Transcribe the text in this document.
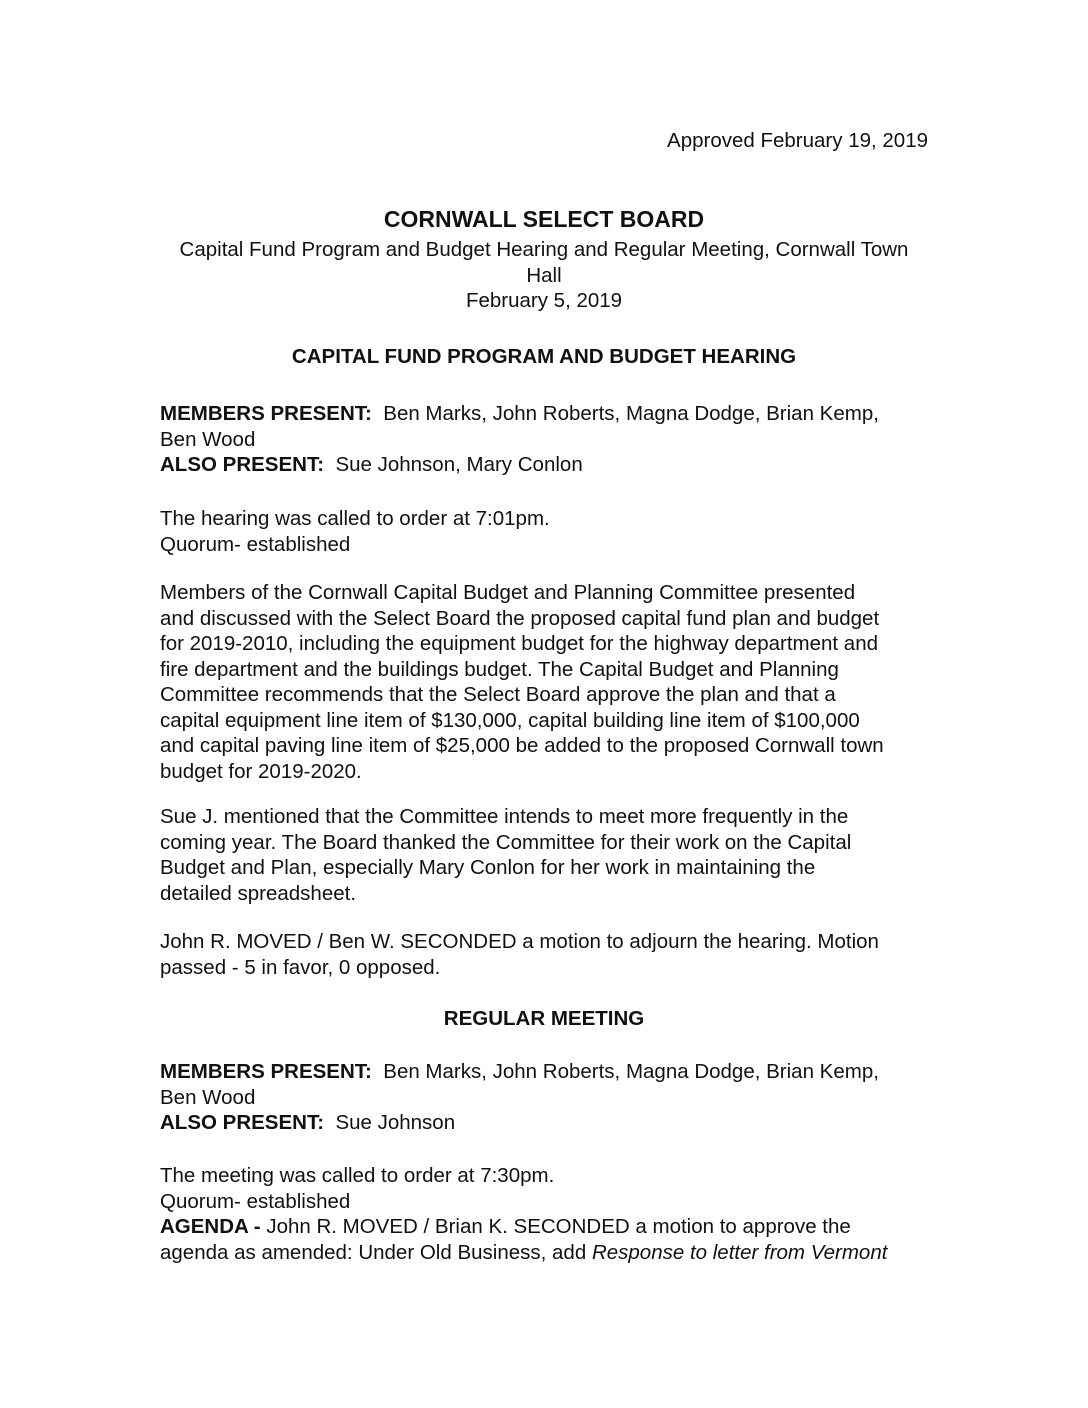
Approved February 19, 2019
CORNWALL SELECT BOARD
Capital Fund Program and Budget Hearing and Regular Meeting, Cornwall Town
Hall
February 5, 2019
CAPITAL FUND PROGRAM AND BUDGET HEARING
MEMBERS PRESENT: Ben Marks, John Roberts, Magna Dodge, Brian Kemp,
Ben Wood
ALSO PRESENT: Sue Johnson, Mary Conlon
The hearing was called to order at 7:01pm.
Quorum- established
Members of the Cornwall Capital Budget and Planning Committee presented
and discussed with the Select Board the proposed capital fund plan and budget
for 2019-2010, including the equipment budget for the highway department and
fire department and the buildings budget. The Capital Budget and Planning
Committee recommends that the Select Board approve the plan and that a
capital equipment line item of $130,000, capital building line item of $100,000
and capital paving line item of $25,000 be added to the proposed Cornwall town
budget for 2019-2020.
Sue J. mentioned that the Committee intends to meet more frequently in the
coming year. The Board thanked the Committee for their work on the Capital
Budget and Plan, especially Mary Conlon for her work in maintaining the
detailed spreadsheet.
John R. MOVED / Ben W. SECONDED a motion to adjourn the hearing. Motion
passed - 5 in favor, 0 opposed.
REGULAR MEETING
MEMBERS PRESENT: Ben Marks, John Roberts, Magna Dodge, Brian Kemp,
Ben Wood
ALSO PRESENT: Sue Johnson
The meeting was called to order at 7:30pm.
Quorum- established
AGENDA - John R. MOVED / Brian K. SECONDED a motion to approve the
agenda as amended: Under Old Business, add Response to letter from Vermont
